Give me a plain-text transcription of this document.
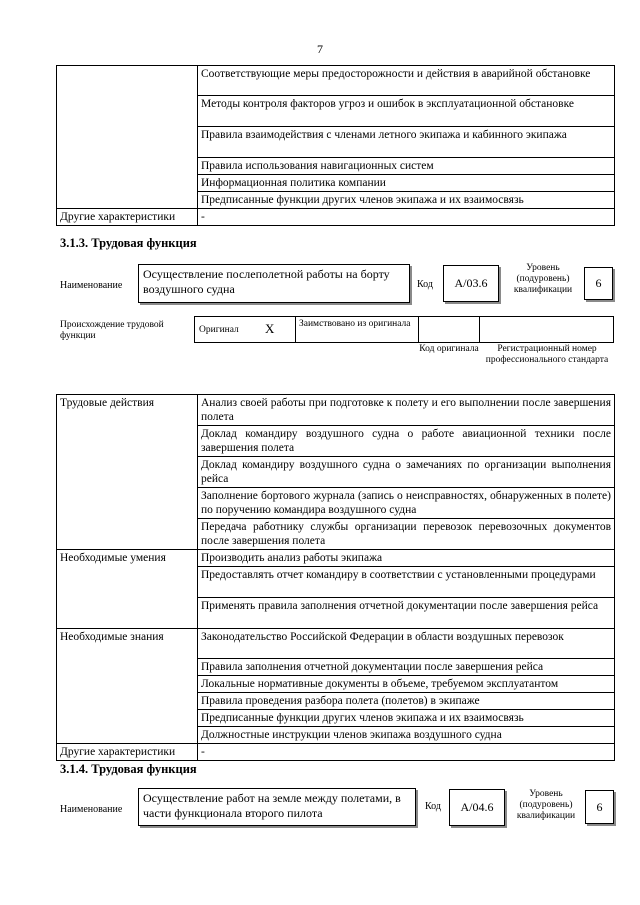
7
	Соответствующие меры предосторожности и действия в аварийной обстановке
	Методы контроля факторов угроз и ошибок в эксплуатационной обстановке
	Правила взаимодействия с членами летного экипажа и кабинного экипажа
	Правила использования навигационных систем
	Информационная политика компании
	Предписанные функции других членов экипажа и их взаимосвязь
Другие характеристики	-
3.1.3. Трудовая функция
Наименование
Осуществление послеполетной работы на борту воздушного судна	Код	A/03.6
Уровень (подуровень) квалификации	6
Происхождение трудовой функции
Оригинал X	Заимствовано из оригинала
Код оригинала	Регистрационный номер профессионального стандарта
Трудовые действия	Анализ своей работы при подготовке к полету и его выполнении после завершения полета
	Доклад командиру воздушного судна о работе авиационной техники после завершения полета
	Доклад командиру воздушного судна о замечаниях по организации выполнения рейса
	Заполнение бортового журнала (запись о неисправностях, обнаруженных в полете) по поручению командира воздушного судна
	Передача работнику службы организации перевозок перевозочных документов после завершения полета
Необходимые умения	Производить анализ работы экипажа
	Предоставлять отчет командиру в соответствии с установленными процедурами
	Применять правила заполнения отчетной документации после завершения рейса
Необходимые знания	Законодательство Российской Федерации в области воздушных перевозок
	Правила заполнения отчетной документации после завершения рейса
	Локальные нормативные документы в объеме, требуемом эксплуатантом
	Правила проведения разбора полета (полетов) в экипаже
	Предписанные функции других членов экипажа и их взаимосвязь
	Должностные инструкции членов экипажа воздушного судна
Другие характеристики	-
3.1.4. Трудовая функция
Наименование
Осуществление работ на земле между полетами, в части функционала второго пилота	Код	A/04.6
Уровень (подуровень) квалификации
6
